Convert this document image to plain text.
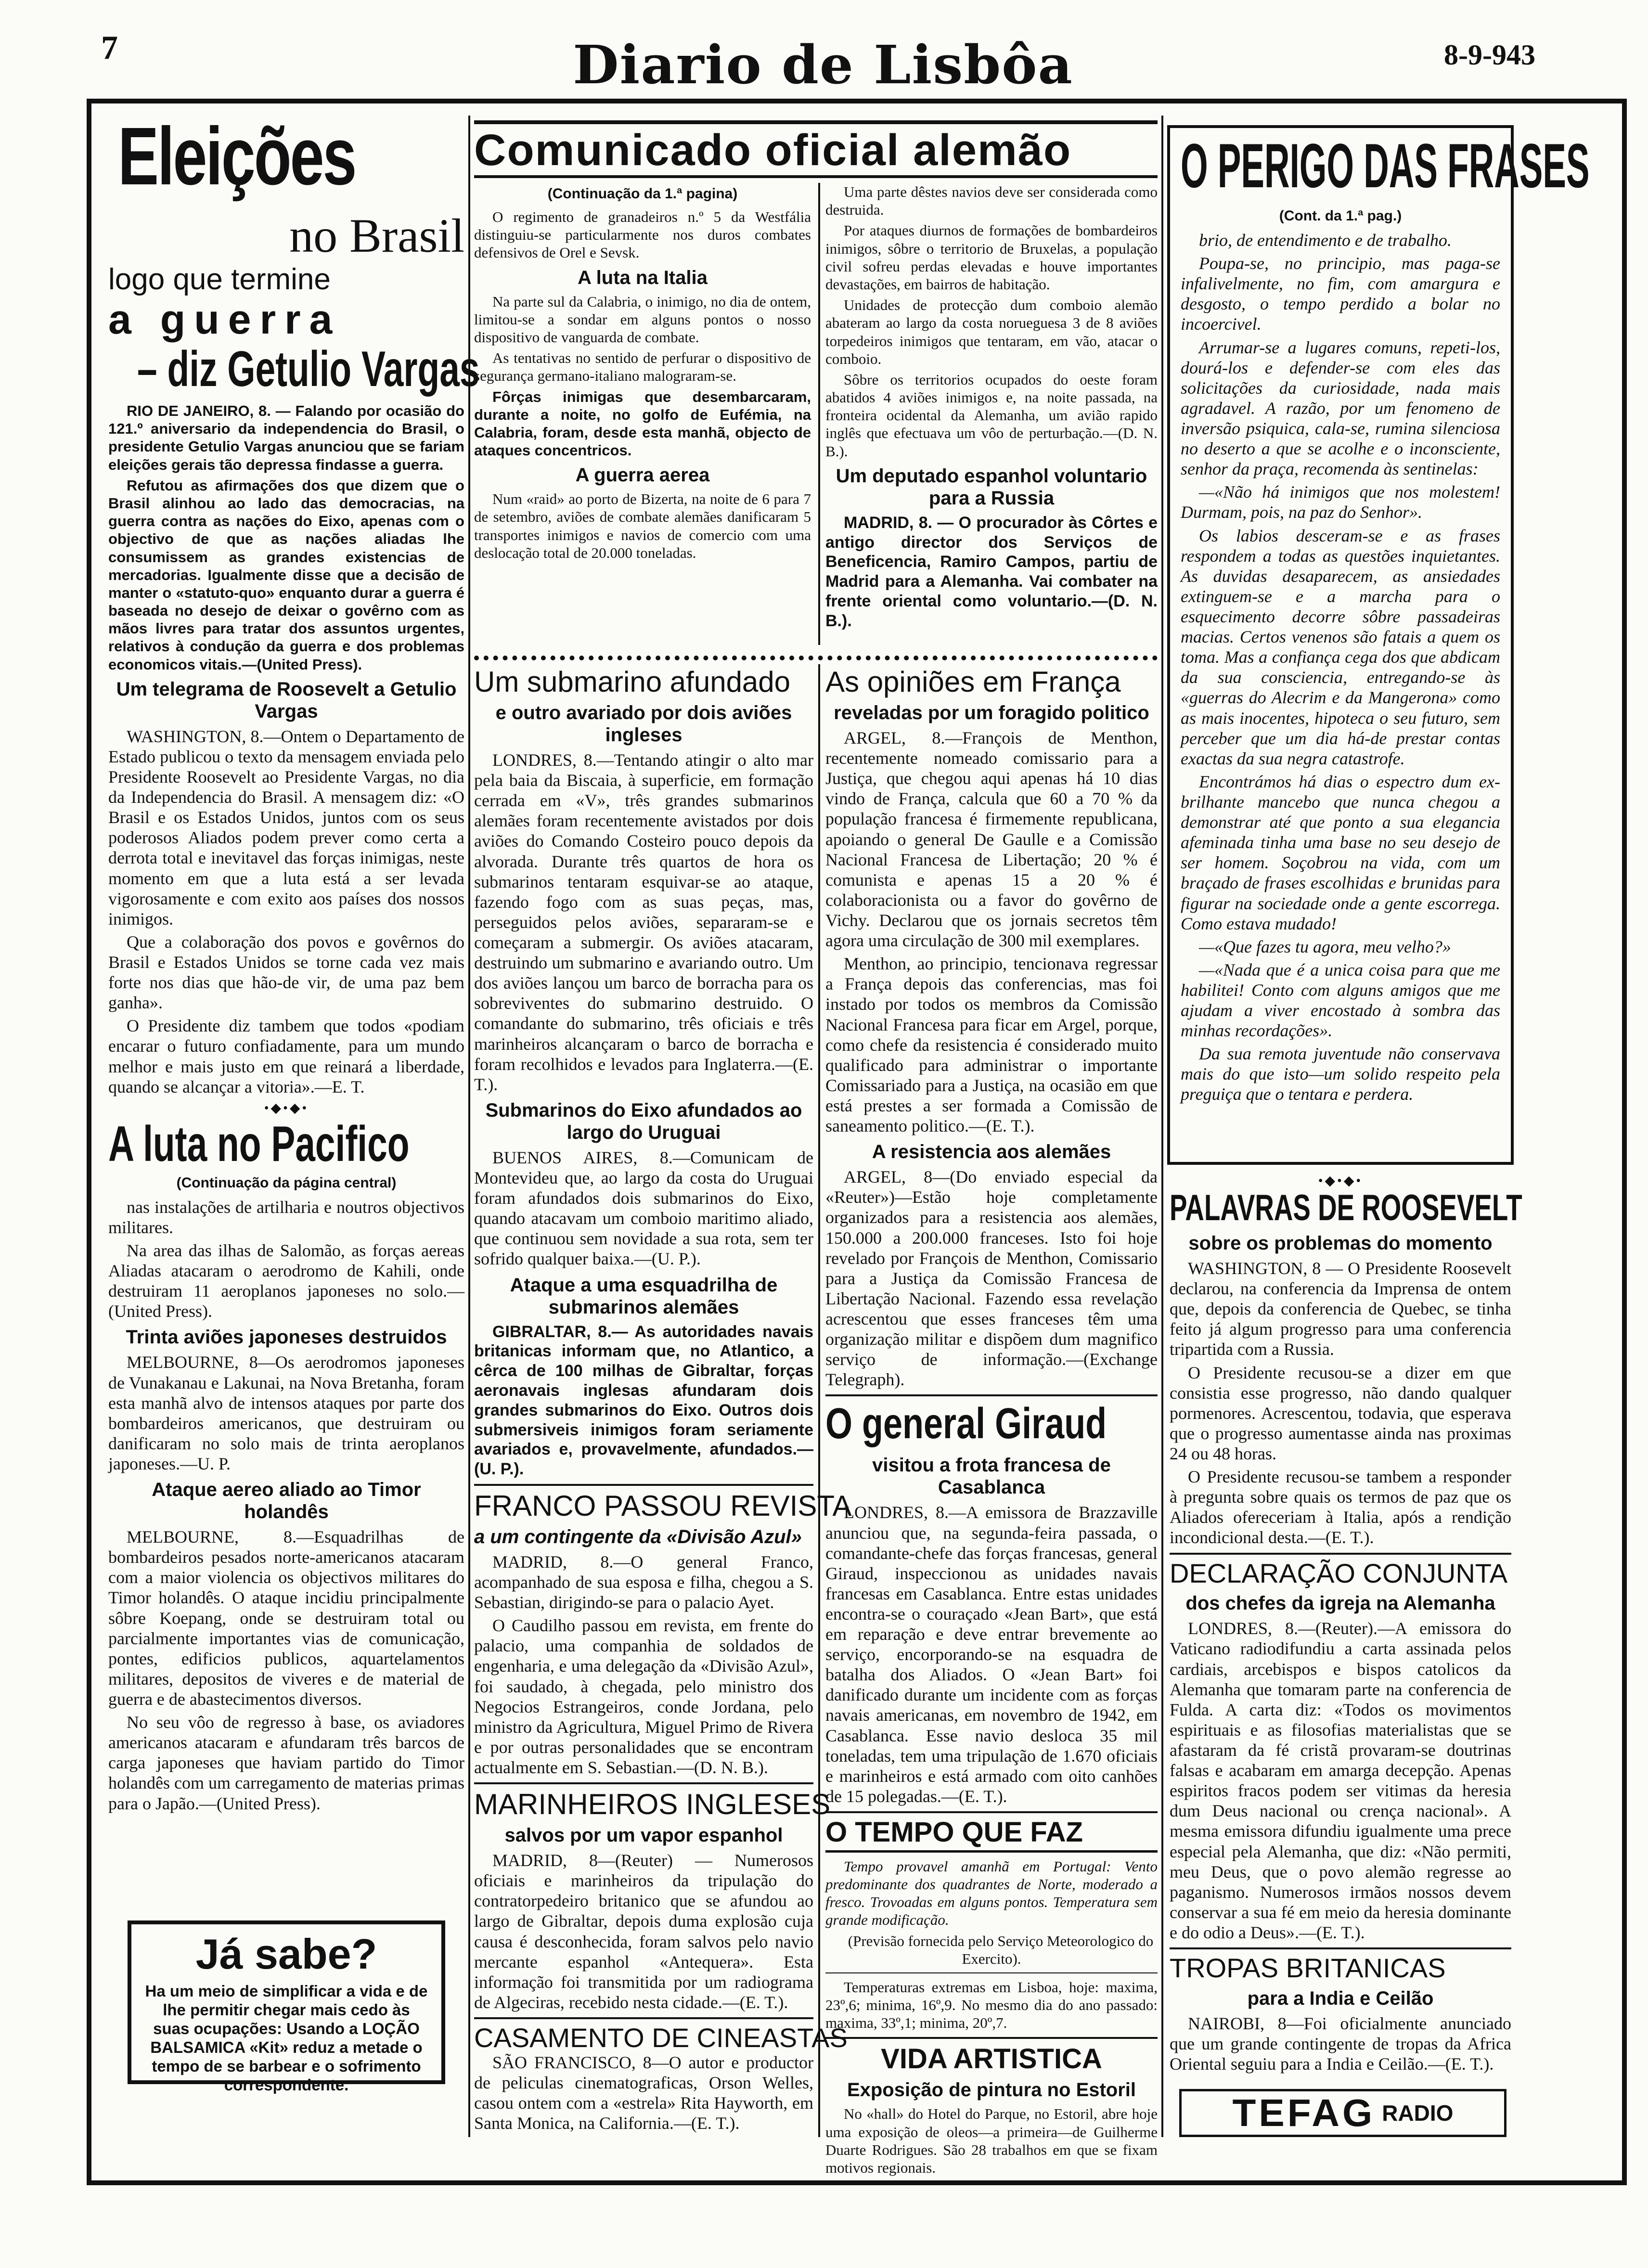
7	Diario de Lisbôa	8-9-943
Eleições
no Brasil
logo que termine
a guerra
– diz Getulio Vargas

RIO DE JANEIRO, 8. — Falando por ocasião do 121.º aniversario da independencia do Brasil, o presidente Getulio Vargas anunciou que se fariam eleições gerais tão depressa findasse a guerra.

Refutou as afirmações dos que dizem que o Brasil alinhou ao lado das democracias, na guerra contra as nações do Eixo, apenas com o objectivo de que as nações aliadas lhe consumissem as grandes existencias de mercadorias. Igualmente disse que a decisão de manter o «statuto-quo» enquanto durar a guerra é baseada no desejo de deixar o govêrno com as mãos livres para tratar dos assuntos urgentes, relativos à condução da guerra e dos problemas economicos vitais.—(United Press).

Um telegrama de Roosevelt a Getulio Vargas

WASHINGTON, 8.—Ontem o Departamento de Estado publicou o texto da mensagem enviada pelo Presidente Roosevelt ao Presidente Vargas, no dia da Independencia do Brasil. A mensagem diz: «O Brasil e os Estados Unidos, juntos com os seus poderosos Aliados podem prever como certa a derrota total e inevitavel das forças inimigas, neste momento em que a luta está a ser levada vigorosamente e com exito aos países dos nossos inimigos.

Que a colaboração dos povos e govêrnos do Brasil e Estados Unidos se torne cada vez mais forte nos dias que hão-de vir, de uma paz bem ganha».

O Presidente diz tambem que todos «podiam encarar o futuro confiadamente, para um mundo melhor e mais justo em que reinará a liberdade, quando se alcançar a vitoria».—E. T.

•◆•◆•
A luta no Pacifico
(Continuação da página central)

nas instalações de artilharia e noutros objectivos militares.

Na area das ilhas de Salomão, as forças aereas Aliadas atacaram o aerodromo de Kahili, onde destruiram 11 aeroplanos japoneses no solo.—(United Press).

Trinta aviões japoneses destruidos

MELBOURNE, 8—Os aerodromos japoneses de Vunakanau e Lakunai, na Nova Bretanha, foram esta manhã alvo de intensos ataques por parte dos bombardeiros americanos, que destruiram ou danificaram no solo mais de trinta aeroplanos japoneses.—U. P.

Ataque aereo aliado ao Timor holandês

MELBOURNE, 8.—Esquadrilhas de bombardeiros pesados norte-americanos atacaram com a maior violencia os objectivos militares do Timor holandês. O ataque incidiu principalmente sôbre Koepang, onde se destruiram total ou parcialmente importantes vias de comunicação, pontes, edificios publicos, aquartelamentos militares, depositos de viveres e de material de guerra e de abastecimentos diversos.

No seu vôo de regresso à base, os aviadores americanos atacaram e afundaram três barcos de carga japoneses que haviam partido do Timor holandês com um carregamento de materias primas para o Japão.—(United Press).

Já sabe?
Ha um meio de simplificar a vida e de lhe permitir chegar mais cedo às suas ocupações: Usando a LOÇÃO BALSAMICA «Kit» reduz a metade o tempo de se barbear e o sofrimento correspondente.
Comunicado oficial alemão
(Continuação da 1.ª pagina)

O regimento de granadeiros n.º 5 da Westfália distinguiu-se particularmente nos duros combates defensivos de Orel e Sevsk.

A luta na Italia

Na parte sul da Calabria, o inimigo, no dia de ontem, limitou-se a sondar em alguns pontos o nosso dispositivo de vanguarda de combate.

As tentativas no sentido de perfurar o dispositivo de segurança germano-italiano malograram-se.

Fôrças inimigas que desembarcaram, durante a noite, no golfo de Eufémia, na Calabria, foram, desde esta manhã, objecto de ataques concentricos.

A guerra aerea

Num «raid» ao porto de Bizerta, na noite de 6 para 7 de setembro, aviões de combate alemães danificaram 5 transportes inimigos e navios de comercio com uma deslocação total de 20.000 toneladas.

Uma parte dêstes navios deve ser considerada como destruida.

Por ataques diurnos de formações de bombardeiros inimigos, sôbre o territorio de Bruxelas, a população civil sofreu perdas elevadas e houve importantes devastações, em bairros de habitação.

Unidades de protecção dum comboio alemão abateram ao largo da costa norueguesa 3 de 8 aviões torpedeiros inimigos que tentaram, em vão, atacar o comboio.

Sôbre os territorios ocupados do oeste foram abatidos 4 aviões inimigos e, na noite passada, na fronteira ocidental da Alemanha, um avião rapido inglês que efectuava um vôo de perturbação.—(D. N. B.).

Um deputado espanhol voluntario para a Russia

MADRID, 8. — O procurador às Côrtes e antigo director dos Serviços de Beneficencia, Ramiro Campos, partiu de Madrid para a Alemanha. Vai combater na frente oriental como voluntario.—(D. N. B.).

Um submarino afundado
e outro avariado por dois aviões ingleses

LONDRES, 8.—Tentando atingir o alto mar pela baia da Biscaia, à superficie, em formação cerrada em «V», três grandes submarinos alemães foram recentemente avistados por dois aviões do Comando Costeiro pouco depois da alvorada. Durante três quartos de hora os submarinos tentaram esquivar-se ao ataque, fazendo fogo com as suas peças, mas, perseguidos pelos aviões, separaram-se e começaram a submergir. Os aviões atacaram, destruindo um submarino e avariando outro. Um dos aviões lançou um barco de borracha para os sobreviventes do submarino destruido. O comandante do submarino, três oficiais e três marinheiros alcançaram o barco de borracha e foram recolhidos e levados para Inglaterra.—(E. T.).

Submarinos do Eixo afundados ao largo do Uruguai

BUENOS AIRES, 8.—Comunicam de Montevideu que, ao largo da costa do Uruguai foram afundados dois submarinos do Eixo, quando atacavam um comboio maritimo aliado, que continuou sem novidade a sua rota, sem ter sofrido qualquer baixa.—(U. P.).

Ataque a uma esquadrilha de submarinos alemães

GIBRALTAR, 8.— As autoridades navais britanicas informam que, no Atlantico, a cêrca de 100 milhas de Gibraltar, forças aeronavais inglesas afundaram dois grandes submarinos do Eixo. Outros dois submersiveis inimigos foram seriamente avariados e, provavelmente, afundados.—(U. P.).

FRANCO PASSOU REVISTA
a um contingente da «Divisão Azul»

MADRID, 8.—O general Franco, acompanhado de sua esposa e filha, chegou a S. Sebastian, dirigindo-se para o palacio Ayet.

O Caudilho passou em revista, em frente do palacio, uma companhia de soldados de engenharia, e uma delegação da «Divisão Azul», foi saudado, à chegada, pelo ministro dos Negocios Estrangeiros, conde Jordana, pelo ministro da Agricultura, Miguel Primo de Rivera e por outras personalidades que se encontram actualmente em S. Sebastian.—(D. N. B.).

MARINHEIROS INGLESES
salvos por um vapor espanhol

MADRID, 8—(Reuter) — Numerosos oficiais e marinheiros da tripulação do contratorpedeiro britanico que se afundou ao largo de Gibraltar, depois duma explosão cuja causa é desconhecida, foram salvos pelo navio mercante espanhol «Antequera». Esta informação foi transmitida por um radiograma de Algeciras, recebido nesta cidade.—(E. T.).

CASAMENTO DE CINEASTAS

SÃO FRANCISCO, 8—O autor e productor de peliculas cinematograficas, Orson Welles, casou ontem com a «estrela» Rita Hayworth, em Santa Monica, na California.—(E. T.).

As opiniões em França
reveladas por um foragido politico

ARGEL, 8.—François de Menthon, recentemente nomeado comissario para a Justiça, que chegou aqui apenas há 10 dias vindo de França, calcula que 60 a 70 % da população francesa é firmemente republicana, apoiando o general De Gaulle e a Comissão Nacional Francesa de Libertação; 20 % é comunista e apenas 15 a 20 % é colaboracionista ou a favor do govêrno de Vichy. Declarou que os jornais secretos têm agora uma circulação de 300 mil exemplares.

Menthon, ao principio, tencionava regressar a França depois das conferencias, mas foi instado por todos os membros da Comissão Nacional Francesa para ficar em Argel, porque, como chefe da resistencia é considerado muito qualificado para administrar o importante Comissariado para a Justiça, na ocasião em que está prestes a ser formada a Comissão de saneamento politico.—(E. T.).

A resistencia aos alemães

ARGEL, 8—(Do enviado especial da «Reuter»)—Estão hoje completamente organizados para a resistencia aos alemães, 150.000 a 200.000 franceses. Isto foi hoje revelado por François de Menthon, Comissario para a Justiça da Comissão Francesa de Libertação Nacional. Fazendo essa revelação acrescentou que esses franceses têm uma organização militar e dispõem dum magnifico serviço de informação.—(Exchange Telegraph).

O general Giraud
visitou a frota francesa de Casablanca

LONDRES, 8.—A emissora de Brazzaville anunciou que, na segunda-feira passada, o comandante-chefe das forças francesas, general Giraud, inspeccionou as unidades navais francesas em Casablanca. Entre estas unidades encontra-se o couraçado «Jean Bart», que está em reparação e deve entrar brevemente ao serviço, encorporando-se na esquadra de batalha dos Aliados. O «Jean Bart» foi danificado durante um incidente com as forças navais americanas, em novembro de 1942, em Casablanca. Esse navio desloca 35 mil toneladas, tem uma tripulação de 1.670 oficiais e marinheiros e está armado com oito canhões de 15 polegadas.—(E. T.).

O TEMPO QUE FAZ

Tempo provavel amanhã em Portugal: Vento predominante dos quadrantes de Norte, moderado a fresco. Trovoadas em alguns pontos. Temperatura sem grande modificação.

(Previsão fornecida pelo Serviço Meteorologico do Exercito).

Temperaturas extremas em Lisboa, hoje: maxima, 23º,6; minima, 16º,9. No mesmo dia do ano passado: maxima, 33º,1; minima, 20º,7.

VIDA ARTISTICA
Exposição de pintura no Estoril

No «hall» do Hotel do Parque, no Estoril, abre hoje uma exposição de oleos—a primeira—de Guilherme Duarte Rodrigues. São 28 trabalhos em que se fixam motivos regionais.

O PERIGO DAS FRASES
(Cont. da 1.ª pag.)

brio, de entendimento e de trabalho.

Poupa-se, no principio, mas paga-se infalivelmente, no fim, com amargura e desgosto, o tempo perdido a bolar no incoercivel.

Arrumar-se a lugares comuns, repeti-los, dourá-los e defender-se com eles das solicitações da curiosidade, nada mais agradavel. A razão, por um fenomeno de inversão psiquica, cala-se, rumina silenciosa no deserto a que se acolhe e o inconsciente, senhor da praça, recomenda às sentinelas:

—«Não há inimigos que nos molestem! Durmam, pois, na paz do Senhor».

Os labios desceram-se e as frases respondem a todas as questões inquietantes. As duvidas desaparecem, as ansiedades extinguem-se e a marcha para o esquecimento decorre sôbre passadeiras macias. Certos venenos são fatais a quem os toma. Mas a confiança cega dos que abdicam da sua consciencia, entregando-se às «guerras do Alecrim e da Mangerona» como as mais inocentes, hipoteca o seu futuro, sem perceber que um dia há-de prestar contas exactas da sua negra catastrofe.

Encontrámos há dias o espectro dum ex-brilhante mancebo que nunca chegou a demonstrar até que ponto a sua elegancia afeminada tinha uma base no seu desejo de ser homem. Soçobrou na vida, com um braçado de frases escolhidas e brunidas para figurar na sociedade onde a gente escorrega. Como estava mudado!

—«Que fazes tu agora, meu velho?»

—«Nada que é a unica coisa para que me habilitei! Conto com alguns amigos que me ajudam a viver encostado à sombra das minhas recordações».

Da sua remota juventude não conservava mais do que isto—um solido respeito pela preguiça que o tentara e perdera.

•◆•◆•
PALAVRAS DE ROOSEVELT
sobre os problemas do momento

WASHINGTON, 8 — O Presidente Roosevelt declarou, na conferencia da Imprensa de ontem que, depois da conferencia de Quebec, se tinha feito já algum progresso para uma conferencia tripartida com a Russia.

O Presidente recusou-se a dizer em que consistia esse progresso, não dando qualquer pormenores. Acrescentou, todavia, que esperava que o progresso aumentasse ainda nas proximas 24 ou 48 horas.

O Presidente recusou-se tambem a responder à pregunta sobre quais os termos de paz que os Aliados ofereceriam à Italia, após a rendição incondicional desta.—(E. T.).

DECLARAÇÃO CONJUNTA
dos chefes da igreja na Alemanha

LONDRES, 8.—(Reuter).—A emissora do Vaticano radiodifundiu a carta assinada pelos cardiais, arcebispos e bispos catolicos da Alemanha que tomaram parte na conferencia de Fulda. A carta diz: «Todos os movimentos espirituais e as filosofias materialistas que se afastaram da fé cristã provaram-se doutrinas falsas e acabaram em amarga decepção. Apenas espiritos fracos podem ser vitimas da heresia dum Deus nacional ou crença nacional». A mesma emissora difundiu igualmente uma prece especial pela Alemanha, que diz: «Não permiti, meu Deus, que o povo alemão regresse ao paganismo. Numerosos irmãos nossos devem conservar a sua fé em meio da heresia dominante e do odio a Deus».—(E. T.).

TROPAS BRITANICAS
para a India e Ceilão

NAIROBI, 8—Foi oficialmente anunciado que um grande contingente de tropas da Africa Oriental seguiu para a India e Ceilão.—(E. T.).

TEFAG RADIO
